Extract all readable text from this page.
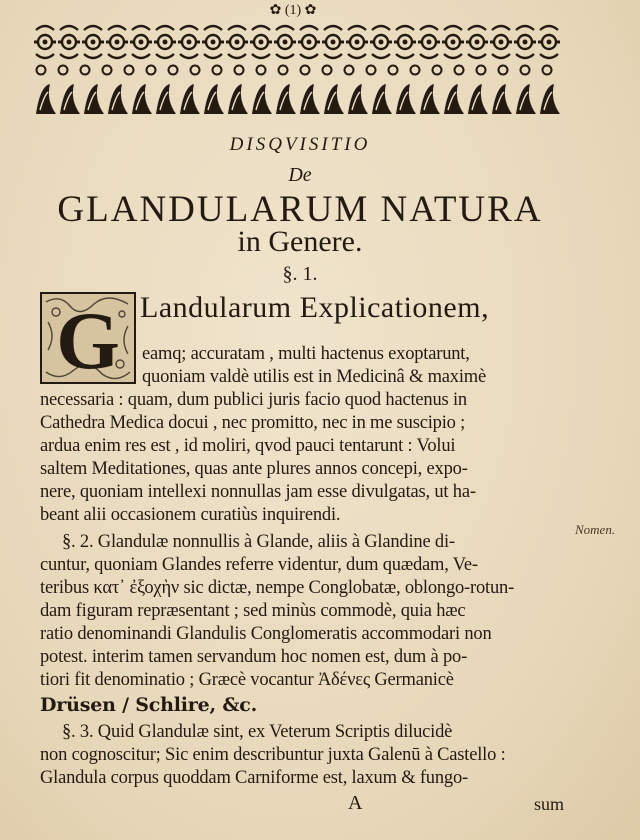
✿ (1) ✿
DISQVISITIO
De
GLANDULARUM NATURA
in Genere.
§. 1.
G Landularum Explicationem,
eamq; accuratam , multi hactenus exoptarunt,
quoniam valdè utilis est in Medicinâ & maximè
necessaria : quam, dum publici juris facio quod hactenus in
Cathedra Medica docui , nec promitto, nec in me suscipio ;
ardua enim res est , id moliri, qvod pauci tentarunt : Volui
saltem Meditationes, quas ante plures annos concepi, expo-
nere, quoniam intellexi nonnullas jam esse divulgatas, ut ha-
beant alii occasionem curatiùs inquirendi.
§. 2. Glandulæ nonnullis à Glande, aliis à Glandine di-
cuntur, quoniam Glandes referre videntur, dum quædam, Ve-
teribus κατ᾽ ἐξοχὴν sic dictæ, nempe Conglobatæ, oblongo-rotun-
dam figuram repræsentant ; sed minùs commodè, quia hæc
ratio denominandi Glandulis Conglomeratis accommodari non
potest. interim tamen servandum hoc nomen est, dum à po-
tiori fit denominatio ; Græcè vocantur Ἀδένες Germanicè
Drüsen / Schlire, &c.
Nomen.
§. 3. Quid Glandulæ sint, ex Veterum Scriptis dilucidè
non cognoscitur; Sic enim describuntur juxta Galenū à Castello :
Glandula corpus quoddam Carniforme est, laxum & fungo-
A	sum
